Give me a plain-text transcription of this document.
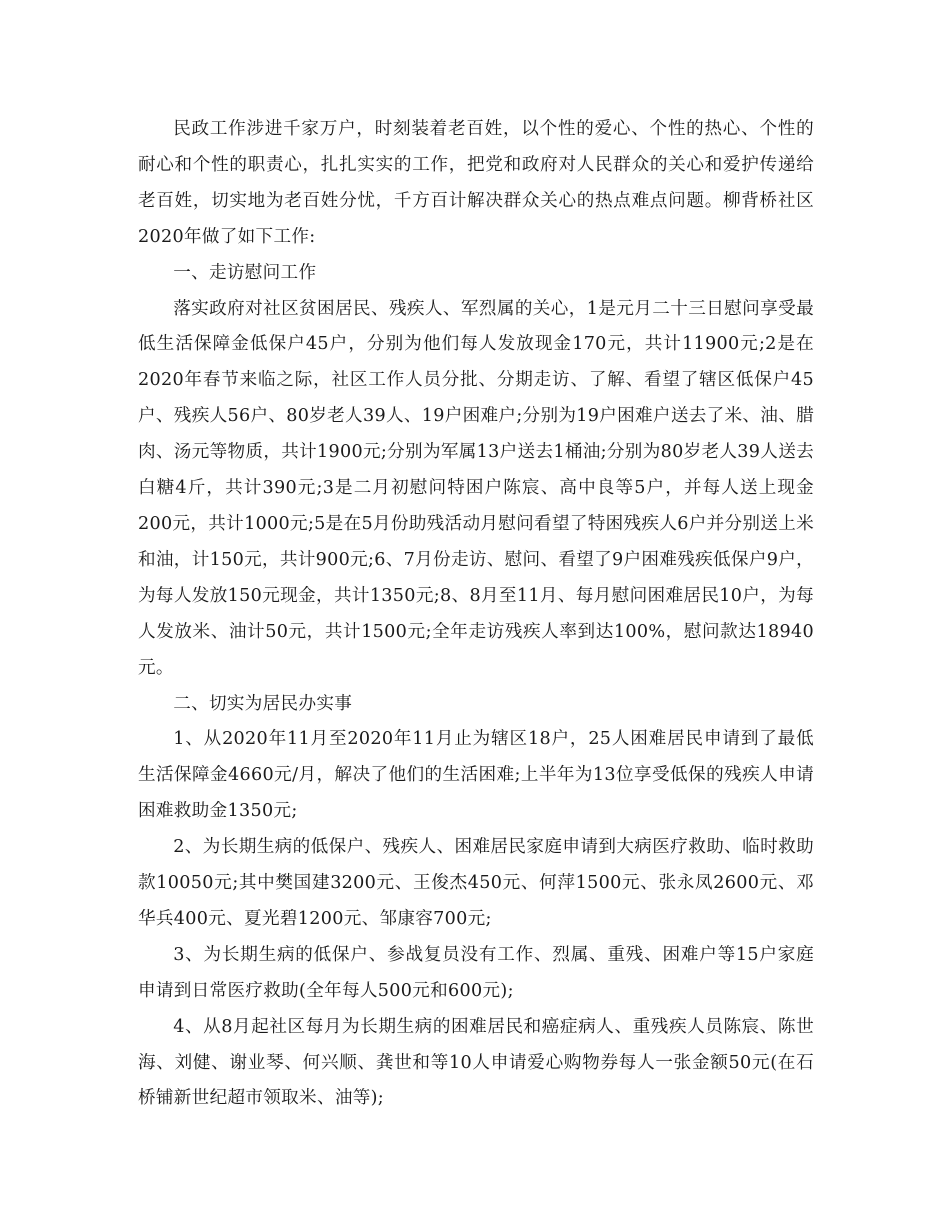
民政工作涉进千家万户，时刻装着老百姓，以个性的爱心、个性的热心、个性的耐心和个性的职责心，扎扎实实的工作，把党和政府对人民群众的关心和爱护传递给老百姓，切实地为老百姓分忧，千方百计解决群众关心的热点难点问题。柳背桥社区2020年做了如下工作:

一、走访慰问工作

落实政府对社区贫困居民、残疾人、军烈属的关心，1是元月二十三日慰问享受最低生活保障金低保户45户，分别为他们每人发放现金170元，共计11900元;2是在2020年春节来临之际，社区工作人员分批、分期走访、了解、看望了辖区低保户45户、残疾人56户、80岁老人39人、19户困难户;分别为19户困难户送去了米、油、腊肉、汤元等物质，共计1900元;分别为军属13户送去1桶油;分别为80岁老人39人送去白糖4斤，共计390元;3是二月初慰问特困户陈宸、高中良等5户，并每人送上现金200元，共计1000元;5是在5月份助残活动月慰问看望了特困残疾人6户并分别送上米和油，计150元，共计900元;6、7月份走访、慰问、看望了9户困难残疾低保户9户，为每人发放150元现金，共计1350元;8、8月至11月、每月慰问困难居民10户，为每人发放米、油计50元，共计1500元;全年走访残疾人率到达100%，慰问款达18940元。

二、切实为居民办实事

1、从2020年11月至2020年11月止为辖区18户，25人困难居民申请到了最低生活保障金4660元/月，解决了他们的生活困难;上半年为13位享受低保的残疾人申请困难救助金1350元;

2、为长期生病的低保户、残疾人、困难居民家庭申请到大病医疗救助、临时救助款10050元;其中樊国建3200元、王俊杰450元、何萍1500元、张永凤2600元、邓华兵400元、夏光碧1200元、邹康容700元;

3、为长期生病的低保户、参战复员没有工作、烈属、重残、困难户等15户家庭申请到日常医疗救助(全年每人500元和600元);

4、从8月起社区每月为长期生病的困难居民和癌症病人、重残疾人员陈宸、陈世海、刘健、谢业琴、何兴顺、龚世和等10人申请爱心购物券每人一张金额50元(在石桥铺新世纪超市领取米、油等);
